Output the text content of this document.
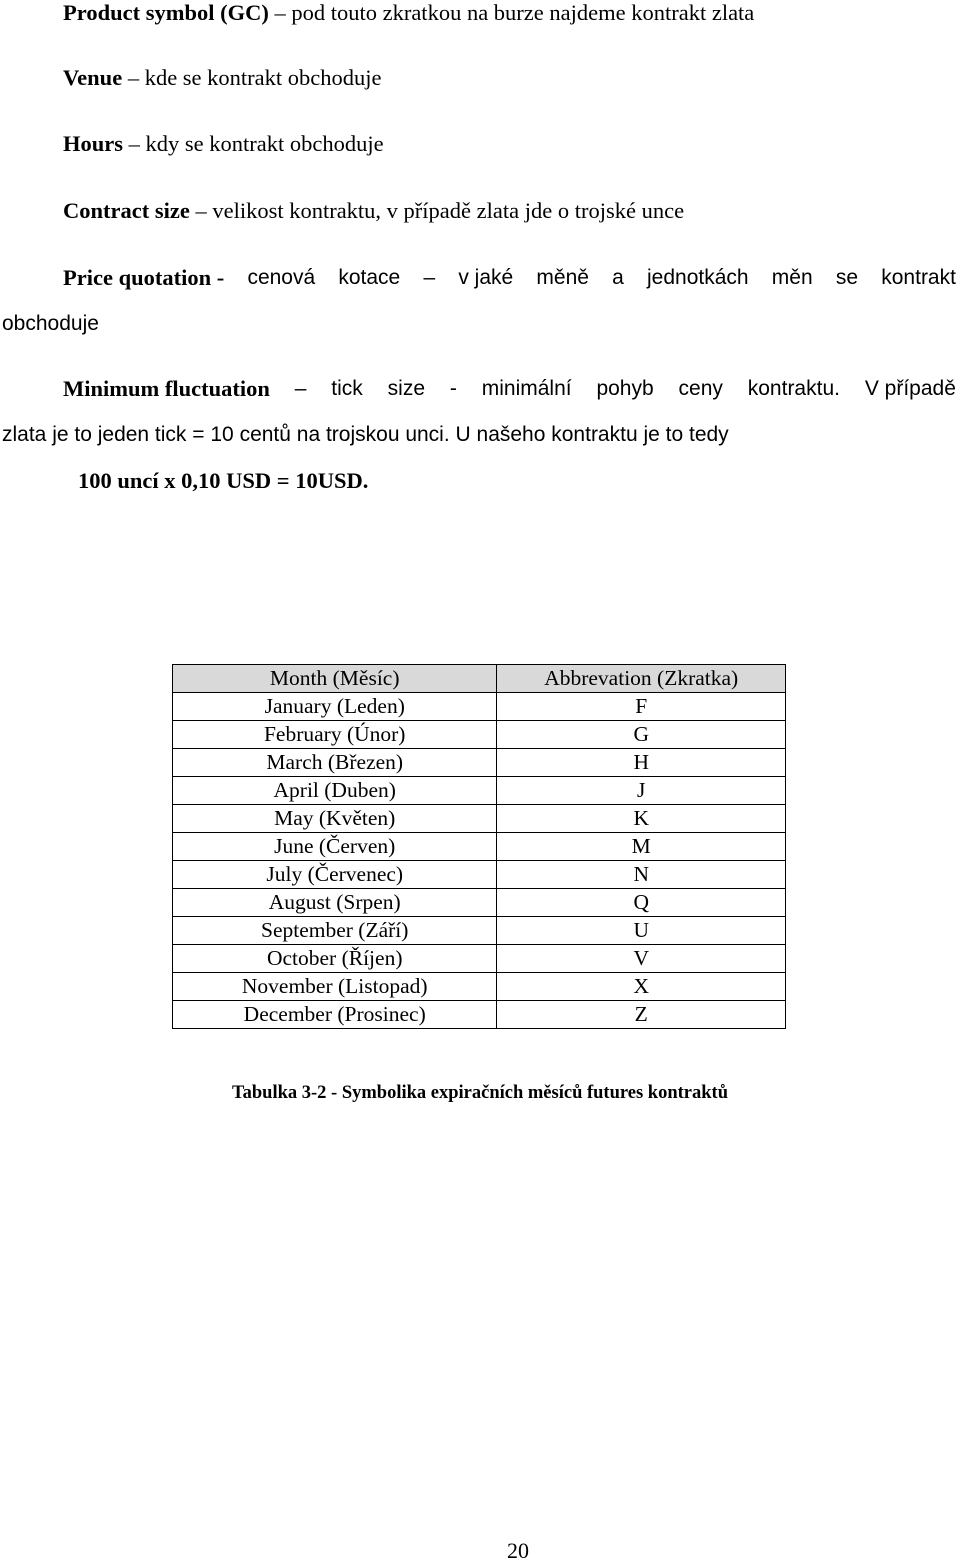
Product symbol (GC) – pod touto zkratkou na burze najdeme kontrakt zlata
Venue – kde se kontrakt obchoduje
Hours – kdy se kontrakt obchoduje
Contract size – velikost kontraktu, v případě zlata jde o trojské unce
Price quotation - cenová kotace – v jaké měně a jednotkách měn se kontrakt
obchoduje
Minimum fluctuation – tick size - minimální pohyb ceny kontraktu. V případě
zlata je to jeden tick = 10 centů na trojskou unci. U našeho kontraktu je to tedy
100 uncí x 0,10 USD = 10USD.
Month (Měsíc)	Abbrevation (Zkratka)
January (Leden)	F
February (Únor)	G
March (Březen)	H
April (Duben)	J
May (Květen)	K
June (Červen)	M
July (Červenec)	N
August (Srpen)	Q
September (Září)	U
October (Říjen)	V
November (Listopad)	X
December (Prosinec)	Z
Tabulka 3-2 - Symbolika expiračních měsíců futures kontraktů
20
